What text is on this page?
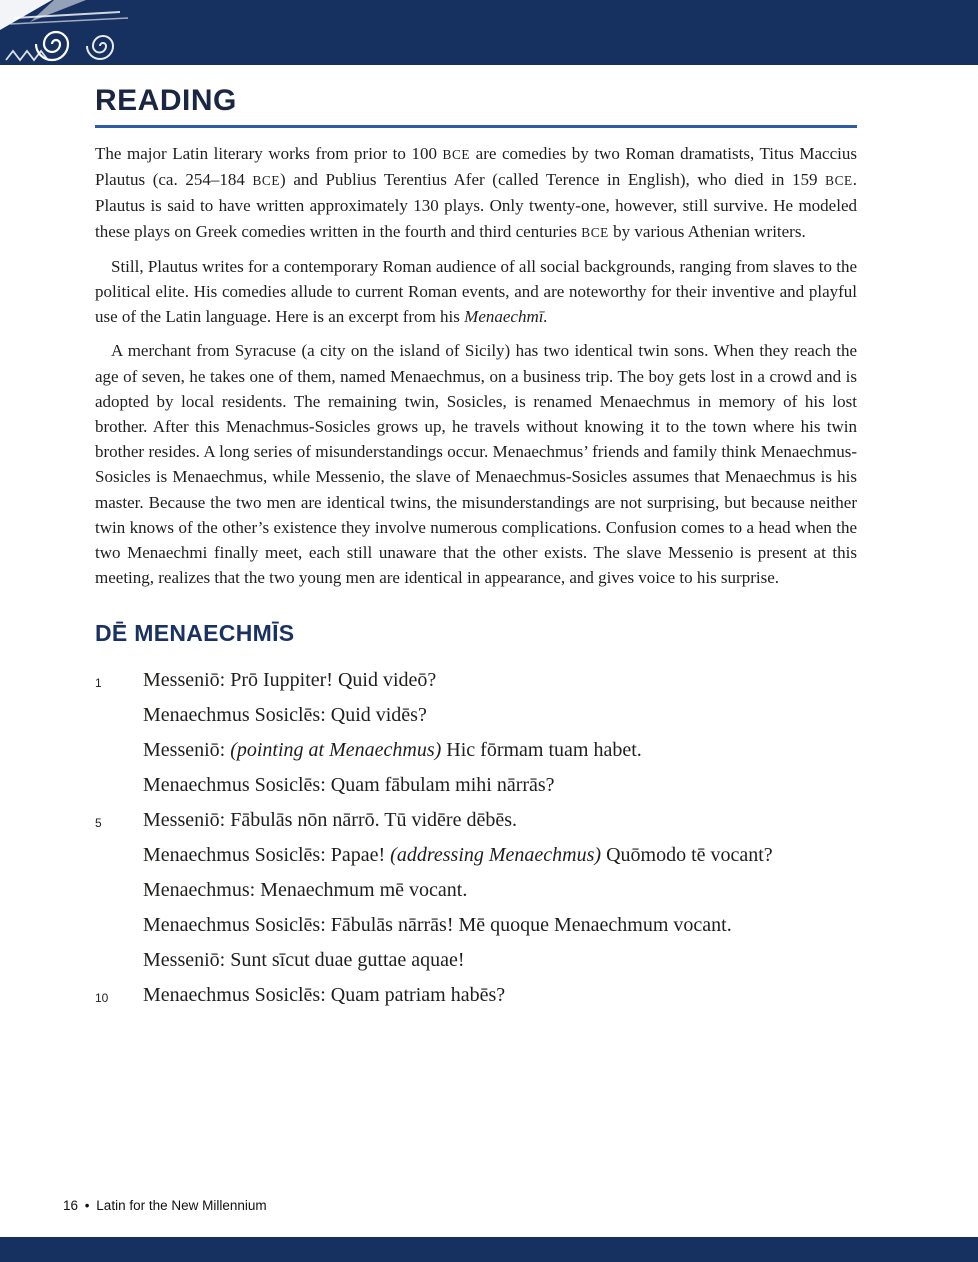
READING

The major Latin literary works from prior to 100 BCE are comedies by two Roman dramatists, Titus Maccius Plautus (ca. 254–184 BCE) and Publius Terentius Afer (called Terence in English), who died in 159 BCE. Plautus is said to have written approximately 130 plays. Only twenty-one, however, still survive. He modeled these plays on Greek comedies written in the fourth and third centuries BCE by various Athenian writers.

Still, Plautus writes for a contemporary Roman audience of all social backgrounds, ranging from slaves to the political elite. His comedies allude to current Roman events, and are noteworthy for their inventive and playful use of the Latin language. Here is an excerpt from his Menaechmī.

A merchant from Syracuse (a city on the island of Sicily) has two identical twin sons. When they reach the age of seven, he takes one of them, named Menaechmus, on a business trip. The boy gets lost in a crowd and is adopted by local residents. The remaining twin, Sosicles, is renamed Menaechmus in memory of his lost brother. After this Menachmus-Sosicles grows up, he travels without knowing it to the town where his twin brother resides. A long series of misunderstandings occur. Menaechmus’ friends and family think Menaechmus-Sosicles is Menaechmus, while Messenio, the slave of Menaechmus-Sosicles assumes that Menaechmus is his master. Because the two men are identical twins, the misunderstandings are not surprising, but because neither twin knows of the other’s existence they involve numerous complications. Confusion comes to a head when the two Menaechmi finally meet, each still unaware that the other exists. The slave Messenio is present at this meeting, realizes that the two young men are identical in appearance, and gives voice to his surprise.

DĒ MENAECHMĪS
1	Messeniō: Prō Iuppiter! Quid videō?
Menaechmus Sosiclēs: Quid vidēs?
Messeniō: (pointing at Menaechmus) Hic fōrmam tuam habet.
Menaechmus Sosiclēs: Quam fābulam mihi nārrās?
5	Messeniō: Fābulās nōn nārrō. Tū vidēre dēbēs.
Menaechmus Sosiclēs: Papae! (addressing Menaechmus) Quōmodo tē vocant?
Menaechmus: Menaechmum mē vocant.
Menaechmus Sosiclēs: Fābulās nārrās! Mē quoque Menaechmum vocant.
Messeniō: Sunt sīcut duae guttae aquae!
10	Menaechmus Sosiclēs: Quam patriam habēs?
16 • Latin for the New Millennium
